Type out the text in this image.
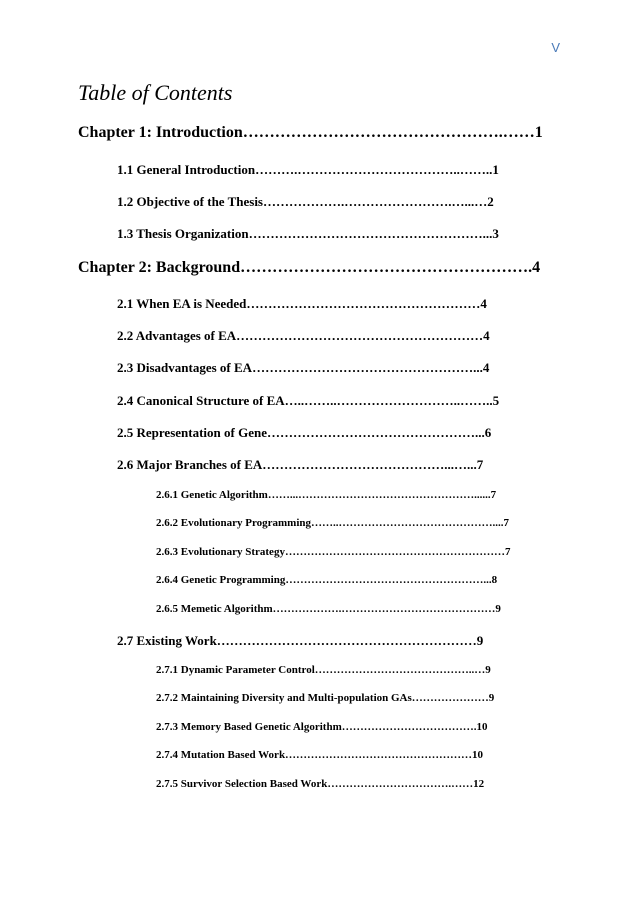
V
Table of Contents
Chapter 1: Introduction………………………………………….……1
1.1 General Introduction……….………………………………..……..1
1.2 Objective of the Thesis……………….…………………….…...…2
1.3 Thesis Organization………………………………………………...3
Chapter 2: Background……………………………………………….4
2.1 When EA is Needed………………………………………………4
2.2 Advantages of EA…………………………………………………4
2.3 Disadvantages of EA……………………………………………...4
2.4 Canonical Structure of EA…..……..………………………..……..5
2.5 Representation of Gene…………………………………………...6
2.6 Major Branches of EA……………………………………...…...7
2.6.1 Genetic Algorithm……...…………………………………………......7
2.6.2 Evolutionary Programming……..……………………………………....7
2.6.3 Evolutionary Strategy……………………………………………………7
2.6.4 Genetic Programming………………………………………………...8
2.6.5 Memetic Algorithm……………….……………………………………9
2.7 Existing Work……………………………………………………9
2.7.1 Dynamic Parameter Control……………………………………..…9
2.7.2 Maintaining Diversity and Multi-population GAs…………………9
2.7.3 Memory Based Genetic Algorithm……………………………….10
2.7.4 Mutation Based Work……………………………………………10
2.7.5 Survivor Selection Based Work…………………………….……12
